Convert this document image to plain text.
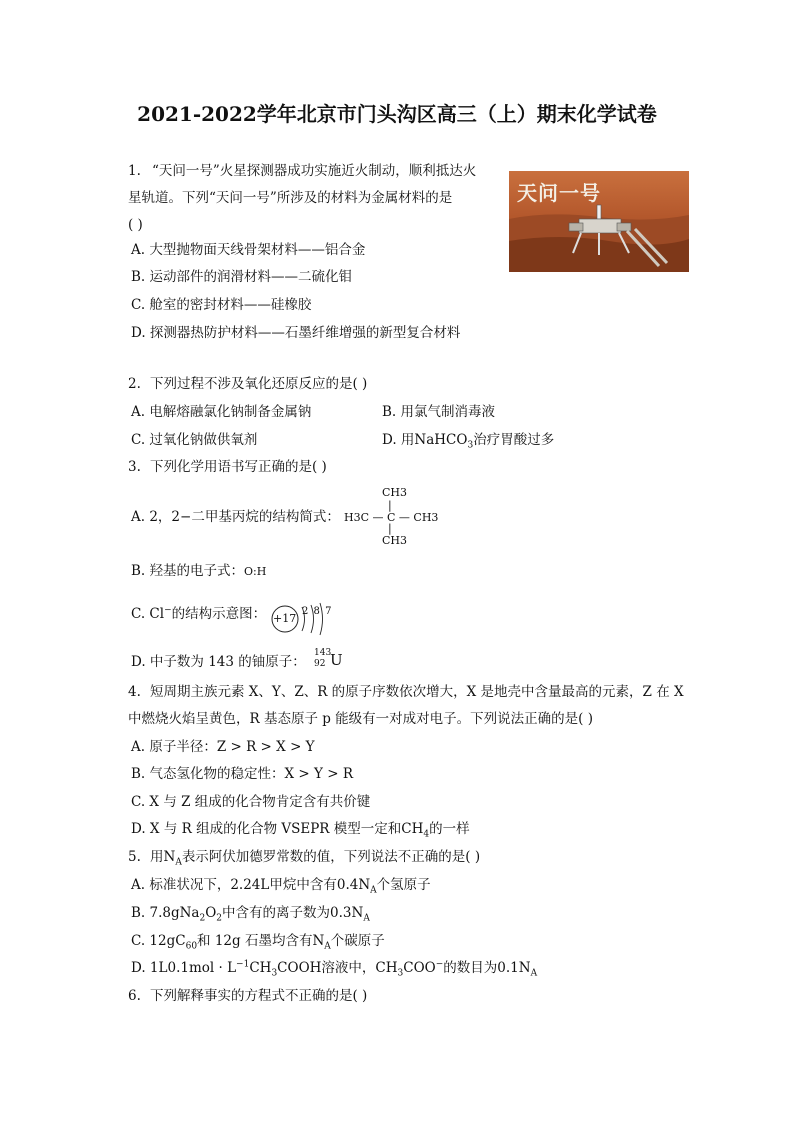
2021-2022学年北京市门头沟区高三（上）期末化学试卷
1. “天问一号”火星探测器成功实施近火制动，顺利抵达火
星轨道。下列“天问一号”所涉及的材料为金属材料的是
( )
A. 大型抛物面天线骨架材料——铝合金
B. 运动部件的润滑材料——二硫化钼
C. 舱室的密封材料——硅橡胶
D. 探测器热防护材料——石墨纤维增强的新型复合材料
天问一号
2. 下列过程不涉及氧化还原反应的是( )
A. 电解熔融氯化钠制备金属钠	B. 用氯气制消毒液
C. 过氧化钠做供氧剂	D. 用NaHCO$_3$治疗胃酸过多
3. 下列化学用语书写正确的是( )
A. 2，2−二甲基丙烷的结构简式：
CH3
|
H3C — C — CH3
|
CH3
B. 羟基的电子式：O:H
C. Cl−的结构示意图： +17
2 8 7
D. 中子数为 143 的铀原子：
143
92 U
4. 短周期主族元素 X、Y、Z、R 的原子序数依次增大，X 是地壳中含量最高的元素，Z 在 X
中燃烧火焰呈黄色，R 基态原子 p 能级有一对成对电子。下列说法正确的是( )
A. 原子半径：Z > R > X > Y
B. 气态氢化物的稳定性：X > Y > R
C. X 与 Z 组成的化合物肯定含有共价键
D. X 与 R 组成的化合物 VSEPR 模型一定和$CH_4$的一样
5. 用$N_A$表示阿伏加德罗常数的值，下列说法不正确的是( )
A. 标准状况下，2.24L甲烷中含有$0.4N_A$个氢原子
B. $7.8gNa_2O_2$中含有的离子数为$0.3N_A$
C. $12gC_{60}$和 12g 石墨均含有$N_A$个碳原子
D. $1L0.1mol \cdot L^{-1}CH_3COOH$溶液中，$CH_3COO^-$的数目为$0.1N_A$
6. 下列解释事实的方程式不正确的是( )
